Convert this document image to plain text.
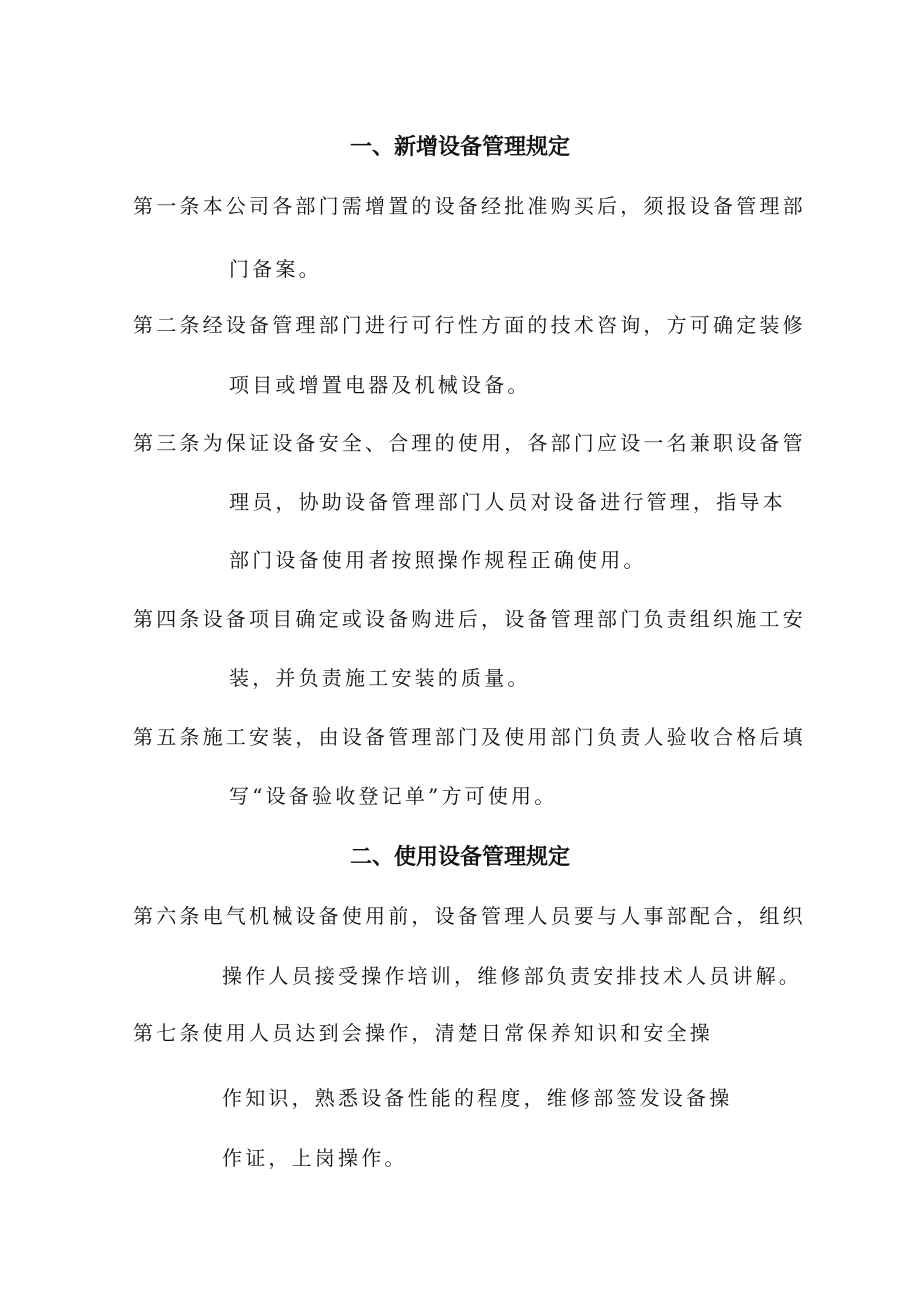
一、新增设备管理规定
第一条本公司各部门需增置的设备经批准购买后，须报设备管理部
门备案。
第二条经设备管理部门进行可行性方面的技术咨询，方可确定装修
项目或增置电器及机械设备。
第三条为保证设备安全、合理的使用，各部门应设一名兼职设备管
理员，协助设备管理部门人员对设备进行管理，指导本
部门设备使用者按照操作规程正确使用。
第四条设备项目确定或设备购进后，设备管理部门负责组织施工安
装，并负责施工安装的质量。
第五条施工安装，由设备管理部门及使用部门负责人验收合格后填
写“设备验收登记单”方可使用。
二、使用设备管理规定
第六条电气机械设备使用前，设备管理人员要与人事部配合，组织
操作人员接受操作培训，维修部负责安排技术人员讲解。
第七条使用人员达到会操作，清楚日常保养知识和安全操
作知识，熟悉设备性能的程度，维修部签发设备操
作证，上岗操作。
